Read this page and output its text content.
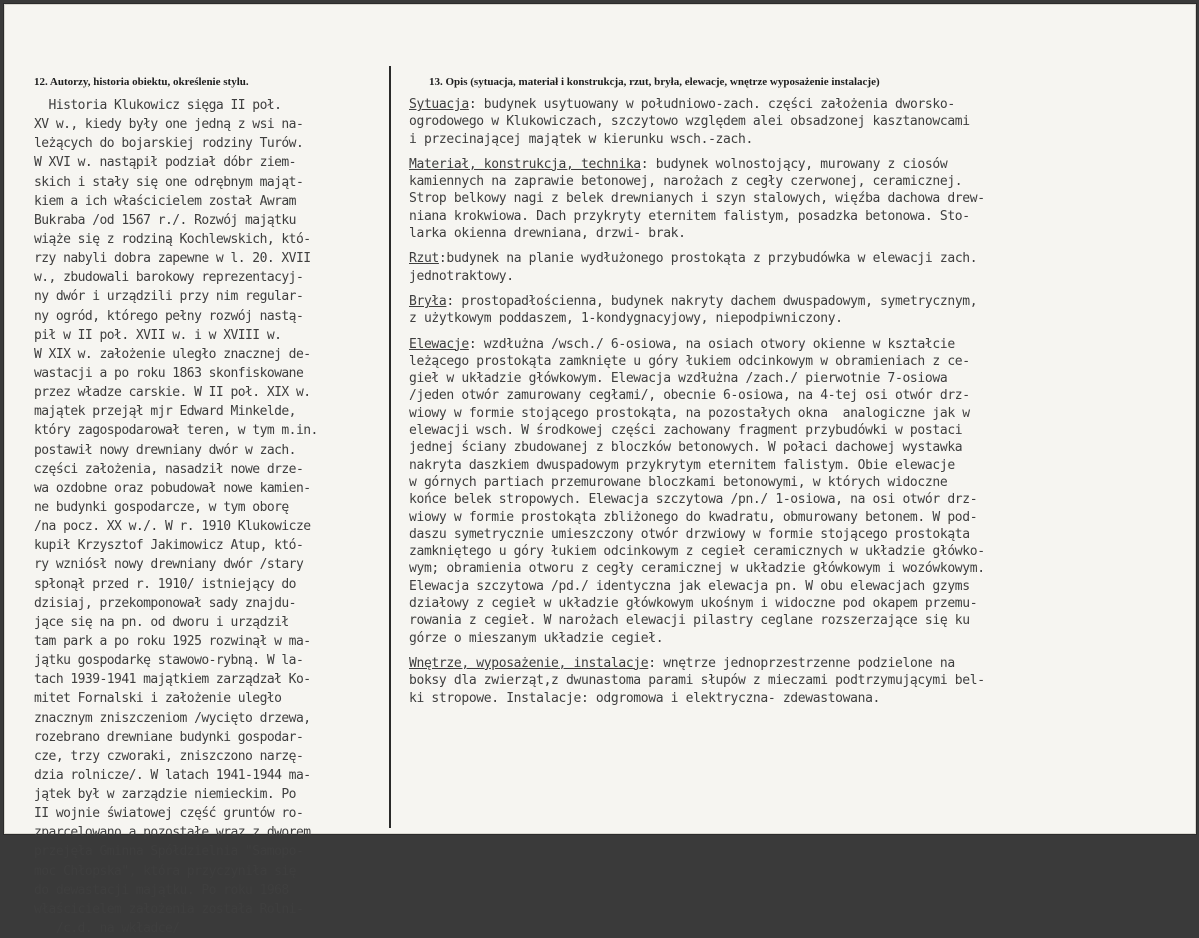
12. Autorzy, historia obiektu, określenie stylu.	13. Opis (sytuacja, materiał i konstrukcja, rzut, bryła, elewacje, wnętrze wyposażenie instalacje)
Historia Klukowicz sięga II poł.
XV w., kiedy były one jedną z wsi na-
leżących do bojarskiej rodziny Turów.
W XVI w. nastąpił podział dóbr ziem-
skich i stały się one odrębnym mająt-
kiem a ich właścicielem został Awram
Bukraba /od 1567 r./. Rozwój majątku
wiąże się z rodziną Kochlewskich, któ-
rzy nabyli dobra zapewne w l. 20. XVII
w., zbudowali barokowy reprezentacyj-
ny dwór i urządzili przy nim regular-
ny ogród, którego pełny rozwój nastą-
pił w II poł. XVII w. i w XVIII w.
W XIX w. założenie uległo znacznej de-
wastacji a po roku 1863 skonfiskowane
przez władze carskie. W II poł. XIX w.
majątek przejął mjr Edward Minkelde,
który zagospodarował teren, w tym m.in.
postawił nowy drewniany dwór w zach.
części założenia, nasadził nowe drze-
wa ozdobne oraz pobudował nowe kamien-
ne budynki gospodarcze, w tym oborę
/na pocz. XX w./. W r. 1910 Klukowicze
kupił Krzysztof Jakimowicz Atup, któ-
ry wzniósł nowy drewniany dwór /stary
spłonął przed r. 1910/ istniejący do
dzisiaj, przekomponował sady znajdu-
jące się na pn. od dworu i urządził
tam park a po roku 1925 rozwinął w ma-
jątku gospodarkę stawowo-rybną. W la-
tach 1939-1941 majątkiem zarządzał Ko-
mitet Fornalski i założenie uległo
znacznym zniszczeniom /wycięto drzewa,
rozebrano drewniane budynki gospodar-
cze, trzy czworaki, zniszczono narzę-
dzia rolnicze/. W latach 1941-1944 ma-
jątek był w zarządzie niemieckim. Po
II wojnie światowej część gruntów ro-
zparcelowano a pozostałe wraz z dworem
przejęła Gminna Spółdzielnia "Samopo-
moc Chłopska", która przyczyniła się
do dewastacji majątku. Po roku 1968
właścicielem założenia została Rolni-
/c.d. na wkładce/
Sytuacja: budynek usytuowany w południowo-zach. części założenia dworsko-
ogrodowego w Klukowiczach, szczytowo względem alei obsadzonej kasztanowcami
i przecinającej majątek w kierunku wsch.-zach.
Materiał, konstrukcja, technika: budynek wolnostojący, murowany z ciosów
kamiennych na zaprawie betonowej, narożach z cegły czerwonej, ceramicznej.
Strop belkowy nagi z belek drewnianych i szyn stalowych, więźba dachowa drew-
niana krokwiowa. Dach przykryty eternitem falistym, posadzka betonowa. Sto-
larka okienna drewniana, drzwi- brak.
Rzut:budynek na planie wydłużonego prostokąta z przybudówka w elewacji zach.
jednotraktowy.
Bryła: prostopadłościenna, budynek nakryty dachem dwuspadowym, symetrycznym,
z użytkowym poddaszem, 1-kondygnacyjowy, niepodpiwniczony.
Elewacje: wzdłużna /wsch./ 6-osiowa, na osiach otwory okienne w kształcie
leżącego prostokąta zamknięte u góry łukiem odcinkowym w obramieniach z ce-
gieł w układzie główkowym. Elewacja wzdłużna /zach./ pierwotnie 7-osiowa
/jeden otwór zamurowany cegłami/, obecnie 6-osiowa, na 4-tej osi otwór drz-
wiowy w formie stojącego prostokąta, na pozostałych okna  analogiczne jak w
elewacji wsch. W środkowej części zachowany fragment przybudówki w postaci
jednej ściany zbudowanej z bloczków betonowych. W połaci dachowej wystawka
nakryta daszkiem dwuspadowym przykrytym eternitem falistym. Obie elewacje
w górnych partiach przemurowane bloczkami betonowymi, w których widoczne
końce belek stropowych. Elewacja szczytowa /pn./ 1-osiowa, na osi otwór drz-
wiowy w formie prostokąta zbliżonego do kwadratu, obmurowany betonem. W pod-
daszu symetrycznie umieszczony otwór drzwiowy w formie stojącego prostokąta
zamkniętego u góry łukiem odcinkowym z cegieł ceramicznych w układzie główko-
wym; obramienia otworu z cegły ceramicznej w układzie główkowym i wozówkowym.
Elewacja szczytowa /pd./ identyczna jak elewacja pn. W obu elewacjach gzyms
działowy z cegieł w układzie główkowym ukośnym i widoczne pod okapem przemu-
rowania z cegieł. W narożach elewacji pilastry ceglane rozszerzające się ku
górze o mieszanym układzie cegieł.
Wnętrze, wyposażenie, instalacje: wnętrze jednoprzestrzenne podzielone na
boksy dla zwierząt,z dwunastoma parami słupów z mieczami podtrzymującymi bel-
ki stropowe. Instalacje: odgromowa i elektryczna- zdewastowana.
